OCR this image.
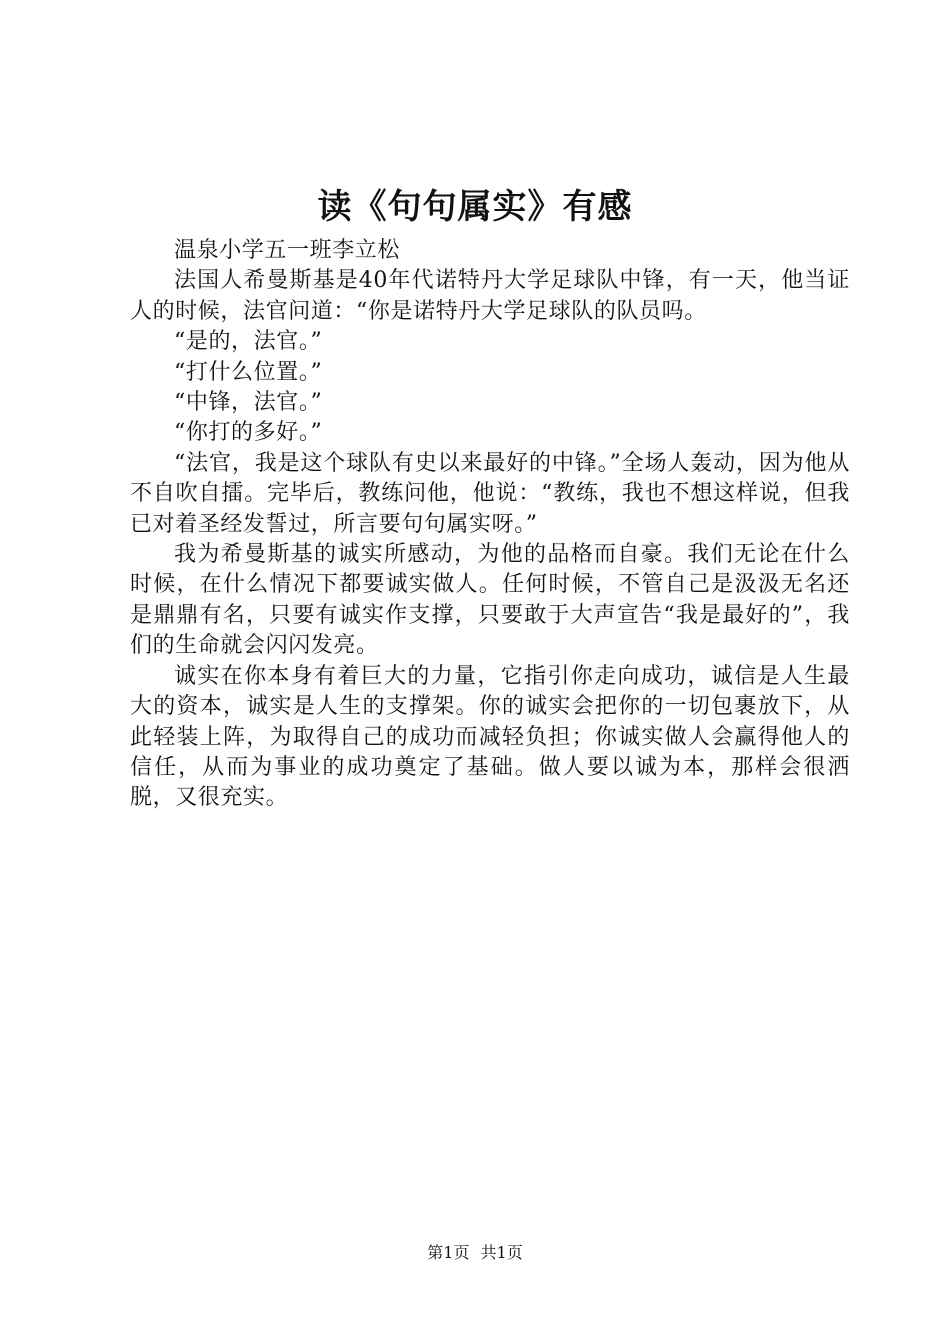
读《句句属实》有感

温泉小学五一班李立松

法国人希曼斯基是40年代诺特丹大学足球队中锋，有一天，他当证人的时候，法官问道：“你是诺特丹大学足球队的队员吗。

“是的，法官。”

“打什么位置。”

“中锋，法官。”

“你打的多好。”

“法官，我是这个球队有史以来最好的中锋。”全场人轰动，因为他从不自吹自擂。完毕后，教练问他，他说：“教练，我也不想这样说，但我已对着圣经发誓过，所言要句句属实呀。”

我为希曼斯基的诚实所感动，为他的品格而自豪。我们无论在什么时候，在什么情况下都要诚实做人。任何时候，不管自己是汲汲无名还是鼎鼎有名，只要有诚实作支撑，只要敢于大声宣告“我是最好的”，我们的生命就会闪闪发亮。

诚实在你本身有着巨大的力量，它指引你走向成功，诚信是人生最大的资本，诚实是人生的支撑架。你的诚实会把你的一切包裹放下，从此轻装上阵，为取得自己的成功而减轻负担；你诚实做人会赢得他人的信任，从而为事业的成功奠定了基础。做人要以诚为本，那样会很洒脱，又很充实。

第1页 共1页
